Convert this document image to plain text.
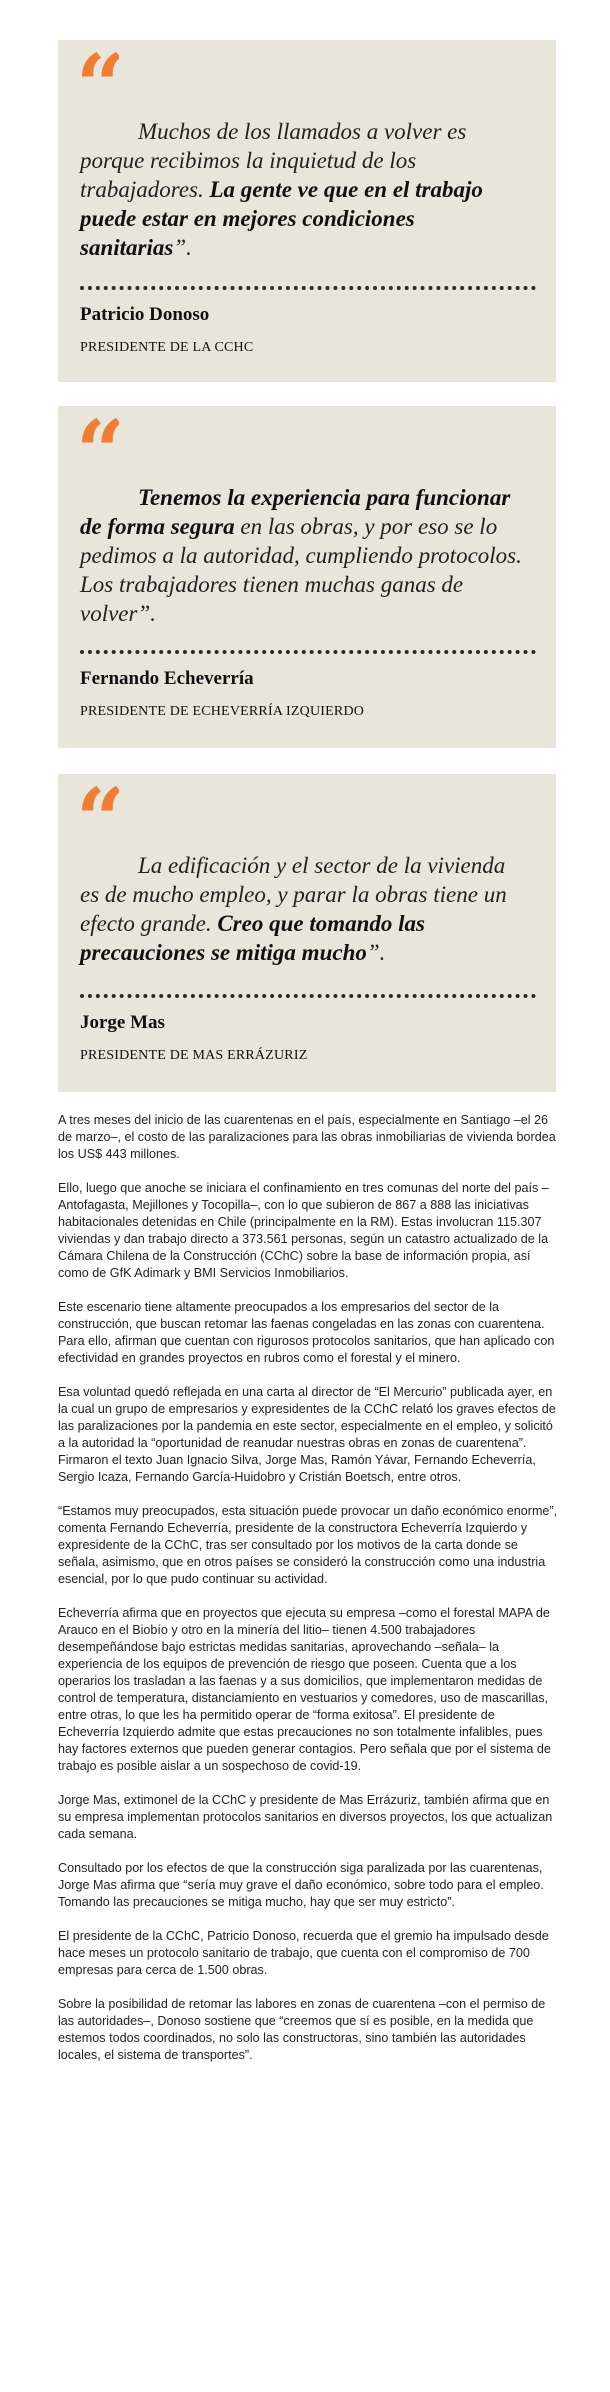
“ Muchos de los llamados a volver es porque recibimos la inquietud de los trabajadores. La gente ve que en el trabajo puede estar en mejores condiciones sanitarias”.

Patricio Donoso

PRESIDENTE DE LA CCHC

“ Tenemos la experiencia para funcionar de forma segura en las obras, y por eso se lo pedimos a la autoridad, cumpliendo protocolos. Los trabajadores tienen muchas ganas de volver”.

Fernando Echeverría

PRESIDENTE DE ECHEVERRÍA IZQUIERDO

“ La edificación y el sector de la vivienda es de mucho empleo, y parar la obras tiene un efecto grande. Creo que tomando las precauciones se mitiga mucho”.

Jorge Mas

PRESIDENTE DE MAS ERRÁZURIZ

A tres meses del inicio de las cuarentenas en el país, especialmente en Santiago –el 26 de marzo–, el costo de las paralizaciones para las obras inmobiliarias de vivienda bordea los US$ 443 millones.

Ello, luego que anoche se iniciara el confinamiento en tres comunas del norte del país –Antofagasta, Mejillones y Tocopilla–, con lo que subieron de 867 a 888 las iniciativas habitacionales detenidas en Chile (principalmente en la RM). Estas involucran 115.307 viviendas y dan trabajo directo a 373.561 personas, según un catastro actualizado de la Cámara Chilena de la Construcción (CChC) sobre la base de información propia, así como de GfK Adimark y BMI Servicios Inmobiliarios.

Este escenario tiene altamente preocupados a los empresarios del sector de la construcción, que buscan retomar las faenas congeladas en las zonas con cuarentena. Para ello, afirman que cuentan con rigurosos protocolos sanitarios, que han aplicado con efectividad en grandes proyectos en rubros como el forestal y el minero.

Esa voluntad quedó reflejada en una carta al director de “El Mercurio” publicada ayer, en la cual un grupo de empresarios y expresidentes de la CChC relató los graves efectos de las paralizaciones por la pandemia en este sector, especialmente en el empleo, y solicitó a la autoridad la “oportunidad de reanudar nuestras obras en zonas de cuarentena”. Firmaron el texto Juan Ignacio Silva, Jorge Mas, Ramón Yávar, Fernando Echeverría, Sergio Icaza, Fernando García-Huidobro y Cristián Boetsch, entre otros.

“Estamos muy preocupados, esta situación puede provocar un daño económico enorme”, comenta Fernando Echeverría, presidente de la constructora Echeverría Izquierdo y expresidente de la CChC, tras ser consultado por los motivos de la carta donde se señala, asimismo, que en otros países se consideró la construcción como una industria esencial, por lo que pudo continuar su actividad.

Echeverría afirma que en proyectos que ejecuta su empresa –como el forestal MAPA de Arauco en el Biobío y otro en la minería del litio– tienen 4.500 trabajadores desempeñándose bajo estrictas medidas sanitarias, aprovechando –señala– la experiencia de los equipos de prevención de riesgo que poseen. Cuenta que a los operarios los trasladan a las faenas y a sus domicilios, que implementaron medidas de control de temperatura, distanciamiento en vestuarios y comedores, uso de mascarillas, entre otras, lo que les ha permitido operar de “forma exitosa”. El presidente de Echeverría Izquierdo admite que estas precauciones no son totalmente infalibles, pues hay factores externos que pueden generar contagios. Pero señala que por el sistema de trabajo es posible aislar a un sospechoso de covid-19.

Jorge Mas, extimonel de la CChC y presidente de Mas Errázuriz, también afirma que en su empresa implementan protocolos sanitarios en diversos proyectos, los que actualizan cada semana.

Consultado por los efectos de que la construcción siga paralizada por las cuarentenas, Jorge Mas afirma que “sería muy grave el daño económico, sobre todo para el empleo. Tomando las precauciones se mitiga mucho, hay que ser muy estricto”.

El presidente de la CChC, Patricio Donoso, recuerda que el gremio ha impulsado desde hace meses un protocolo sanitario de trabajo, que cuenta con el compromiso de 700 empresas para cerca de 1.500 obras.

Sobre la posibilidad de retomar las labores en zonas de cuarentena –con el permiso de las autoridades–, Donoso sostiene que “creemos que sí es posible, en la medida que estemos todos coordinados, no solo las constructoras, sino también las autoridades locales, el sistema de transportes”.
